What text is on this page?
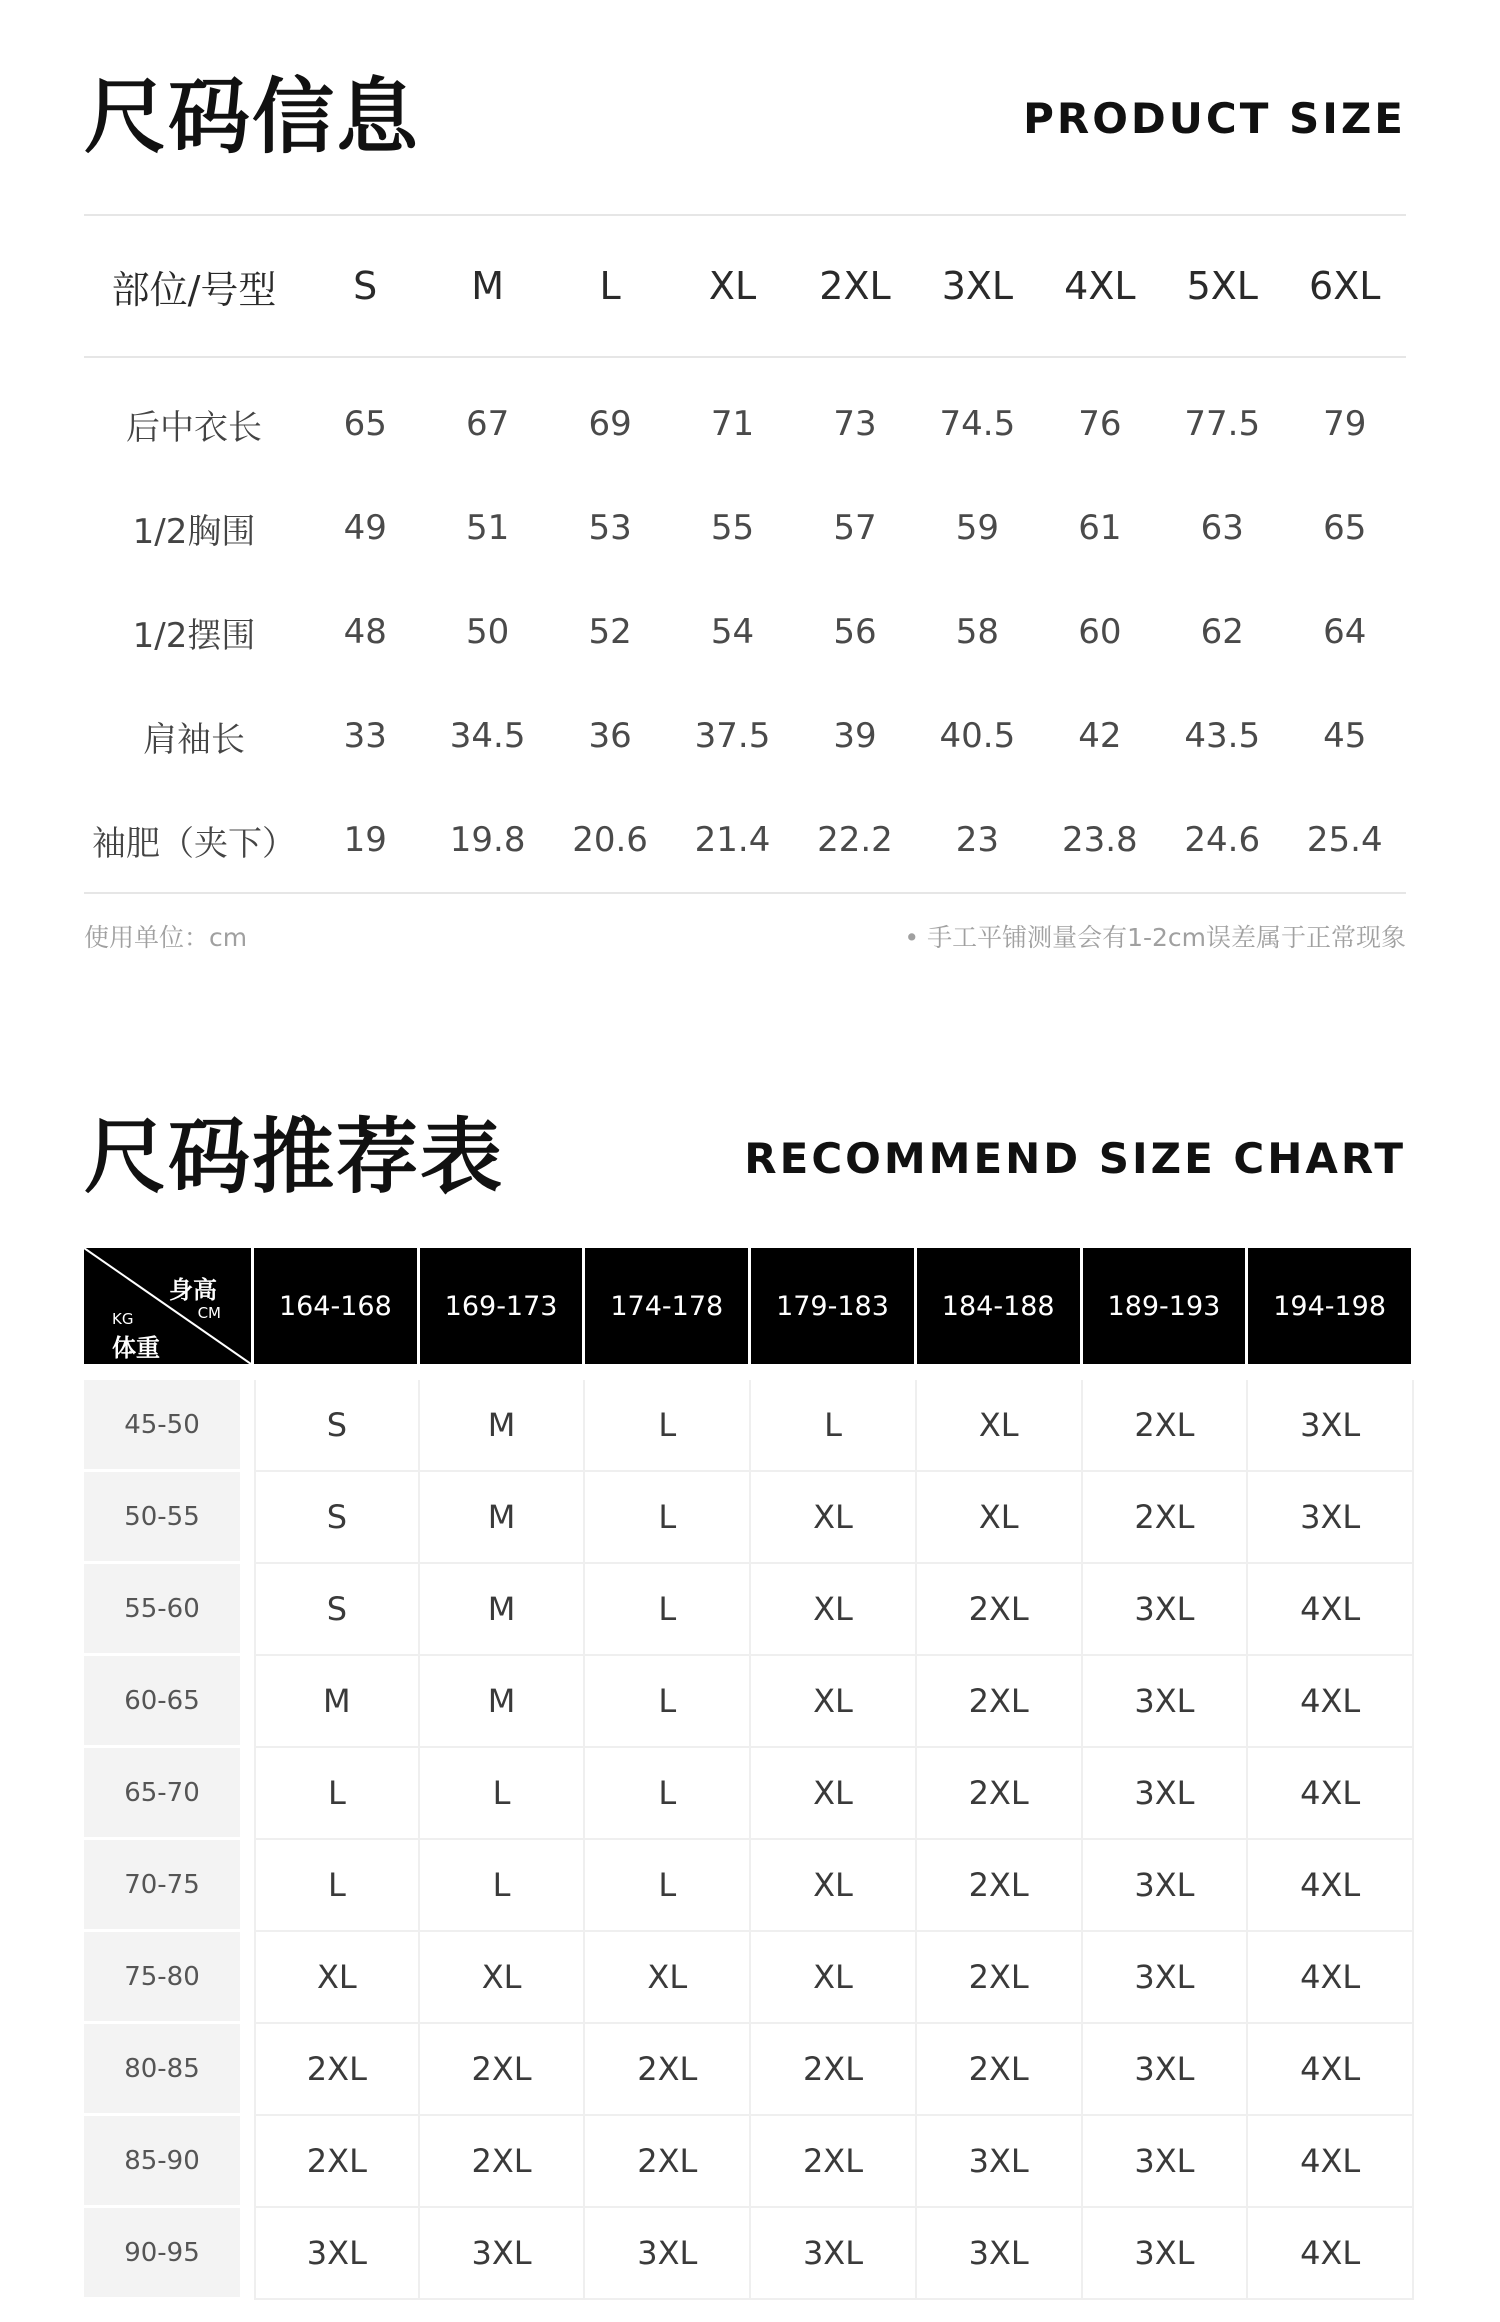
尺码信息	PRODUCT SIZE
部位/号型	S	M	L	XL	2XL	3XL	4XL	5XL	6XL
后中衣长	65	67	69	71	73	74.5	76	77.5	79
1/2胸围	49	51	53	55	57	59	61	63	65
1/2摆围	48	50	52	54	56	58	60	62	64
肩袖长	33	34.5	36	37.5	39	40.5	42	43.5	45
袖肥（夹下）	19	19.8	20.6	21.4	22.2	23	23.8	24.6	25.4
使用单位：cm	• 手工平铺测量会有1-2cm误差属于正常现象
尺码推荐表	RECOMMEND SIZE CHART
身高
CM
KG
体重
164-168	169-173	174-178	179-183	184-188	189-193	194-198
45-50	S	M	L	L	XL	2XL	3XL
50-55	S	M	L	XL	XL	2XL	3XL
55-60	S	M	L	XL	2XL	3XL	4XL
60-65	M	M	L	XL	2XL	3XL	4XL
65-70	L	L	L	XL	2XL	3XL	4XL
70-75	L	L	L	XL	2XL	3XL	4XL
75-80	XL	XL	XL	XL	2XL	3XL	4XL
80-85	2XL	2XL	2XL	2XL	2XL	3XL	4XL
85-90	2XL	2XL	2XL	2XL	3XL	3XL	4XL
90-95	3XL	3XL	3XL	3XL	3XL	3XL	4XL
